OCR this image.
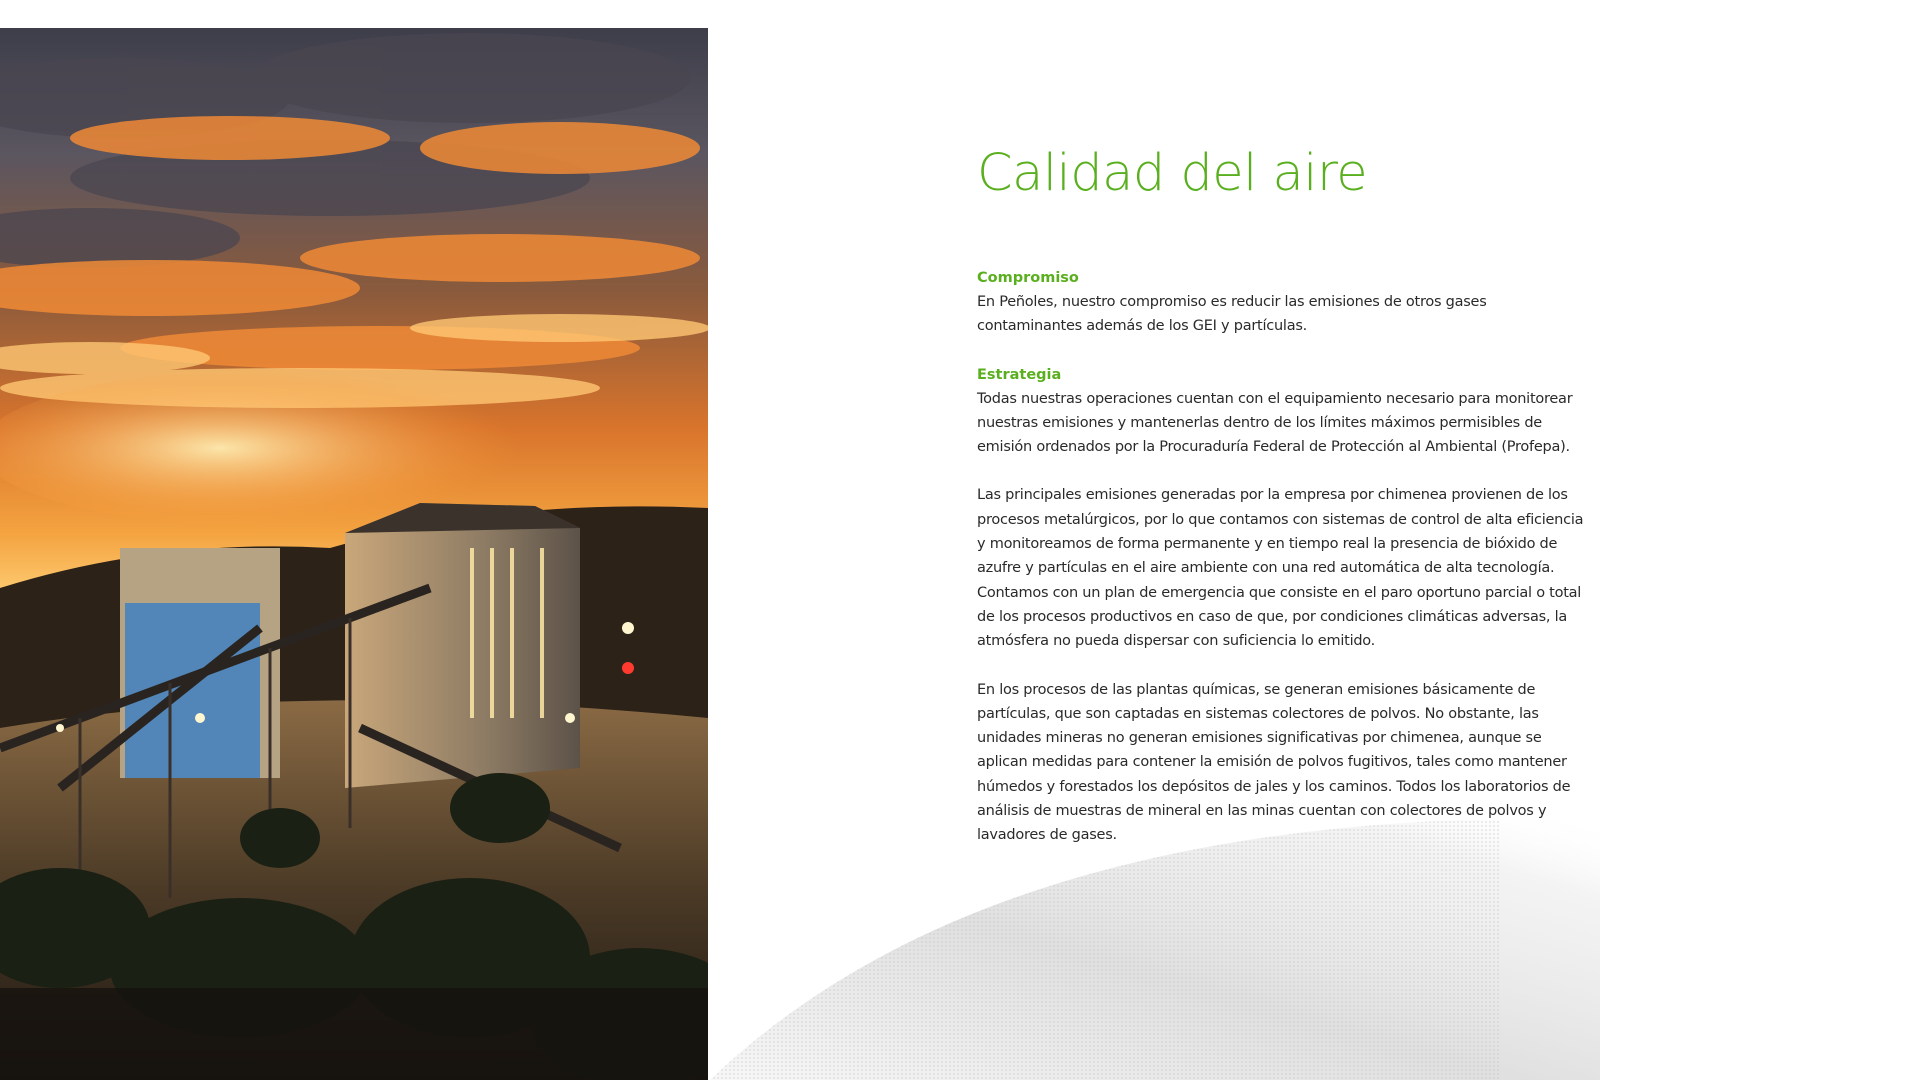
Calidad del aire
Compromiso

En Peñoles, nuestro compromiso es reducir las emisiones de otros gases contaminantes además de los GEI y partículas.

Estrategia

Todas nuestras operaciones cuentan con el equipamiento necesario para monitorear nuestras emisiones y mantenerlas dentro de los límites máximos permisibles de emisión ordenados por la Procuraduría Federal de Protección al Ambiental (Profepa).

Las principales emisiones generadas por la empresa por chimenea provienen de los procesos metalúrgicos, por lo que contamos con sistemas de control de alta eficiencia y monitoreamos de forma permanente y en tiempo real la presencia de bióxido de azufre y partículas en el aire ambiente con una red automática de alta tecnología. Contamos con un plan de emergencia que consiste en el paro oportuno parcial o total de los procesos productivos en caso de que, por condiciones climáticas adversas, la atmósfera no pueda dispersar con suficiencia lo emitido.

En los procesos de las plantas químicas, se generan emisiones básicamente de partículas, que son captadas en sistemas colectores de polvos. No obstante, las unidades mineras no generan emisiones significativas por chimenea, aunque se aplican medidas para contener la emisión de polvos fugitivos, tales como mantener húmedos y forestados los depósitos de jales y los caminos. Todos los laboratorios de análisis de muestras de mineral en las minas cuentan con colectores de polvos y lavadores de gases.
